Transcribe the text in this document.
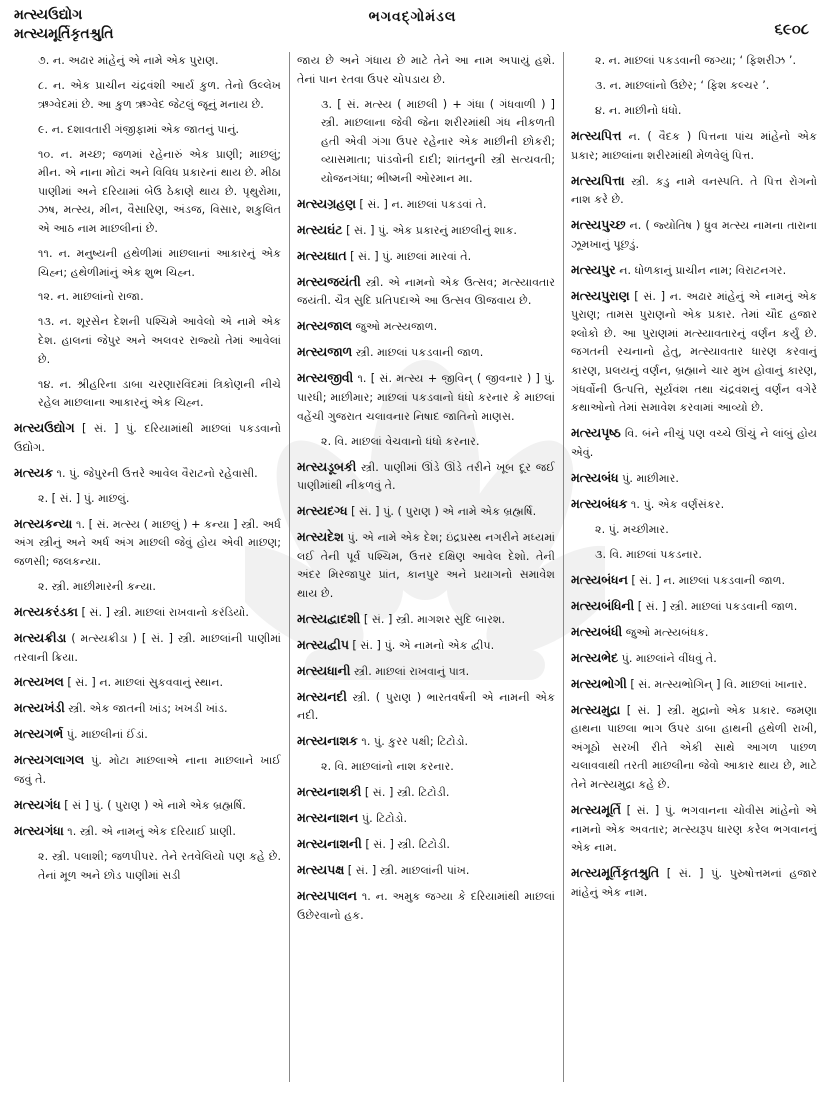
મત્સ્યઉદ્યોગ
મત્સ્યમૂર્તિકૃતશ્રુતિ
ભગવદ્ગોમંડલ
૬૯૦૮
૭. ન. અઢાર માંહેનું એ નામે એક પુરાણ.
૮. ન. એક પ્રાચીન ચંદ્રવંશી આર્ય કુળ. તેનો ઉલ્લેખ ઋગ્વેદમાં છે. આ કુળ ઋગ્વેદ જેટલું જૂનું મનાય છે.
૯. ન. દશાવતારી ગંજીફામાં એક જાતનું પાનું.
૧૦. ન. મચ્છ; જળમાં રહેનારું એક પ્રાણી; માછલું; મીન. એ નાના મોટાં અને વિવિધ પ્રકારનાં થાય છે. મીઠા પાણીમાં અને દરિયામાં બેઉ ઠેકાણે થાય છે. પૃથુરોમા, ઝષ, મત્સ્ય, મીન, વૈસારિણ, અંડજ, વિસાર, શકુલિત એ આઠ નામ માછલીનાં છે.
૧૧. ન. મનુષ્યની હથેળીમાં માછલાનાં આકારનું એક ચિહ્ન; હથેળીમાંનું એક શુભ ચિહ્ન.
૧૨. ન. માછલાંનો રાજા.
૧૩. ન. શૂરસેન દેશની પશ્ચિમે આવેલો એ નામે એક દેશ. હાલનાં જેપુર અને અલવર રાજ્યો તેમાં આવેલાં છે.
૧૪. ન. શ્રીહરિના ડાબા ચરણારવિંદમાં ત્રિકોણની નીચે રહેલ માછલાના આકારનું એક ચિહ્ન.
મત્સ્યઉદ્યોગ [ સં. ] પું. દરિયામાંથી માછલાં પકડવાનો ઉદ્યોગ.
મત્સ્યક ૧. પું. જેપુરની ઉત્તરે આવેલ વૈરાટનો રહેવાસી.
૨. [ સં. ] પું. માછલું.
મત્સ્યકન્યા ૧. [ સં. મત્સ્ય ( માછલું ) + કન્યા ] સ્ત્રી. અર્ધ અંગ સ્ત્રીનું અને અર્ધ અંગ માછલી જેવું હોય એવી માછણ; જળસી; જલકન્યા.
૨. સ્ત્રી. માછીમારની કન્યા.
મત્સ્યકરંડકા [ સં. ] સ્ત્રી. માછલાં રાખવાનો કરંડિયો.
મત્સ્યક્રીડા ( મત્સ્યક્રીડા ) [ સં. ] સ્ત્રી. માછલાંની પાણીમાં તરવાની ક્રિયા.
મત્સ્યખલ [ સં. ] ન. માછલાં સુકવવાનું સ્થાન.
મત્સ્યખંડી સ્ત્રી. એક જાતની ખાંડ; ખખડી ખાંડ.
મત્સ્યગર્ભ પું. માછલીનાં ઈંડાં.
મત્સ્યગલાગલ પું. મોટા માછલાએ નાના માછલાને ખાઈ જવું તે.
મત્સ્યગંધ [ સં ] પું. ( પુરાણ ) એ નામે એક બ્રહ્મર્ષિ.
મત્સ્યગંધા ૧. સ્ત્રી. એ નામનું એક દરિયાઈ પ્રાણી.
૨. સ્ત્રી. પલાશી; જળપીપર. તેને રતવેલિયો પણ કહે છે. તેનાં મૂળ અને છોડ પાણીમાં સડી
જાય છે અને ગંધાય છે માટે તેને આ નામ અપાયું હશે. તેનાં પાન રતવા ઉપર ચોપડાય છે.
૩. [ સં. મત્સ્ય ( માછલી ) + ગંધા ( ગંધવાળી ) ] સ્ત્રી. માછલાના જેવી જેના શરીરમાંથી ગંધ નીકળતી હતી એવી ગંગા ઉપર રહેનાર એક માછીની છોકરી; વ્યાસમાતા; પાંડવોની દાદી; શાંતનુની સ્ત્રી સત્યવતી; યોજનગંધા; ભીષ્મની ઓરમાન મા.
મત્સ્યગ્રહણ [ સં. ] ન. માછલાં પકડવાં તે.
મત્સ્યઘંટ [ સં. ] પું. એક પ્રકારનું માછલીનું શાક.
મત્સ્યઘાત [ સં. ] પું. માછલાં મારવાં તે.
મત્સ્યજયંતી સ્ત્રી. એ નામનો એક ઉત્સવ; મત્સ્યાવતાર જયંતી. ચૈત્ર સુદિ પ્રતિપદાએ આ ઉત્સવ ઊજવાય છે.
મત્સ્યજાલ જુઓ મત્સ્યજાળ.
મત્સ્યજાળ સ્ત્રી. માછલાં પકડવાની જાળ.
મત્સ્યજીવી ૧. [ સં. મત્સ્ય + જીવિન્ ( જીવનાર ) ] પું. પારધી; માછીમાર; માછલાં પકડવાનો ધંધો કરનાર કે માછલાં વહેંચી ગુજરાત ચલાવનાર નિષાદ જાતિનો માણસ.
૨. વિ. માછલાં વેચવાનો ધંધો કરનાર.
મત્સ્યડૂબકી સ્ત્રી. પાણીમાં ઊંડે ઊંડે તરીને ખૂબ દૂર જઈ પાણીમાંથી નીકળવું તે.
મત્સ્યદગ્ધ [ સં. ] પું. ( પુરાણ ) એ નામે એક બ્રહ્મર્ષિ.
મત્સ્યદેશ પું. એ નામે એક દેશ; ઇંદ્રપ્રસ્થ નગરીને મધ્યમાં લઈ તેની પૂર્વ પશ્ચિમ, ઉત્તર દક્ષિણ આવેલ દેશો. તેની અંદર મિરજાપુર પ્રાંત, કાનપુર અને પ્રયાગનો સમાવેશ થાય છે.
મત્સ્યદ્વાદશી [ સં. ] સ્ત્રી. માગશર સુદિ બારશ.
મત્સ્યદ્વીપ [ સં. ] પું. એ નામનો એક દ્વીપ.
મત્સ્યધાની સ્ત્રી. માછલાં રાખવાનું પાત્ર.
મત્સ્યનદી સ્ત્રી. ( પુરાણ ) ભારતવર્ષની એ નામની એક નદી.
મત્સ્યનાશક ૧. પું. કુરર પક્ષી; ટિટોડો.
૨. વિ. માછલાંનો નાશ કરનાર.
મત્સ્યનાશકી [ સં. ] સ્ત્રી. ટિટોડી.
મત્સ્યનાશન પું. ટિટોડો.
મત્સ્યનાશની [ સં. ] સ્ત્રી. ટિટોડી.
મત્સ્યપક્ષ [ સં. ] સ્ત્રી. માછલાંની પાંખ.
મત્સ્યપાલન ૧. ન. અમુક જગ્યા કે દરિયામાંથી માછલાં ઉછેરવાનો હક.
૨. ન. માછલાં પકડવાની જગ્યા; ‘ ફિશરીઝ ’.
૩. ન. માછલાંનો ઉછેર; ‘ ફિશ કલ્ચર ’.
૪. ન. માછીનો ધંધો.
મત્સ્યપિત્ત ન. ( વૈદક ) પિત્તના પાંચ માંહેનો એક પ્રકાર; માછલાંના શરીરમાંથી મેળવેલું પિત્ત.
મત્સ્યપિત્તા સ્ત્રી. કડુ નામે વનસ્પતિ. તે પિત્ત રોગનો નાશ કરે છે.
મત્સ્યપુચ્છ ન. ( જ્યોતિષ ) ધ્રુવ મત્સ્ય નામના તારાના ઝૂમખાનું પૂછડું.
મત્સ્યપુર ન. ધોળકાનું પ્રાચીન નામ; વિરાટનગર.
મત્સ્યપુરાણ [ સં. ] ન. અઢાર માંહેનું એ નામનું એક પુરાણ; તામસ પુરાણનો એક પ્રકાર. તેમાં ચૌદ હજાર શ્લોકો છે. આ પુરાણમાં મત્સ્યાવતારનું વર્ણન કર્યું છે. જગતની રચનાનો હેતુ, મત્સ્યાવતાર ધારણ કરવાનું કારણ, પ્રલયનું વર્ણન, બ્રહ્માને ચાર મુખ હોવાનું કારણ, ગંધર્વોની ઉત્પત્તિ, સૂર્યવંશ તથા ચંદ્રવંશનું વર્ણન વગેરે કથાઓનો તેમાં સમાવેશ કરવામાં આવ્યો છે.
મત્સ્યપૃષ્ઠ વિ. બંને નીચું પણ વચ્ચે ઊંચું ને લાંબું હોય એવું.
મત્સ્યબંધ પું. માછીમાર.
મત્સ્યબંધક ૧. પું. એક વર્ણસંકર.
૨. પું. મચ્છીમાર.
૩. વિ. માછલાં પકડનાર.
મત્સ્યબંધન [ સં. ] ન. માછલાં પકડવાની જાળ.
મત્સ્યબંધિની [ સં. ] સ્ત્રી. માછલાં પકડવાની જાળ.
મત્સ્યબંધી જુઓ મત્સ્યબંધક.
મત્સ્યભેદ પું. માછલાંને વીંધવું તે.
મત્સ્યભોગી [ સં. મત્સ્યભોગિન્ ] વિ. માછલાં ખાનાર.
મત્સ્યમુદ્રા [ સં. ] સ્ત્રી. મુદ્રાનો એક પ્રકાર. જમણા હાથના પાછલા ભાગ ઉપર ડાબા હાથની હથેળી રાખી, અંગૂઠો સરખી રીતે એકી સાથે આગળ પાછળ ચલાવવાથી તરતી માછલીના જેવો આકાર થાય છે, માટે તેને મત્સ્યમુદ્રા કહે છે.
મત્સ્યમૂર્તિ [ સં. ] પું. ભગવાનના ચોવીસ માંહેનો એ નામનો એક અવતાર; મત્સ્યરૂપ ધારણ કરેલ ભગવાનનું એક નામ.
મત્સ્યમૂર્તિકૃતશ્રુતિ [ સં. ] પું. પુરુષોત્તમનાં હજાર માંહેનું એક નામ.
